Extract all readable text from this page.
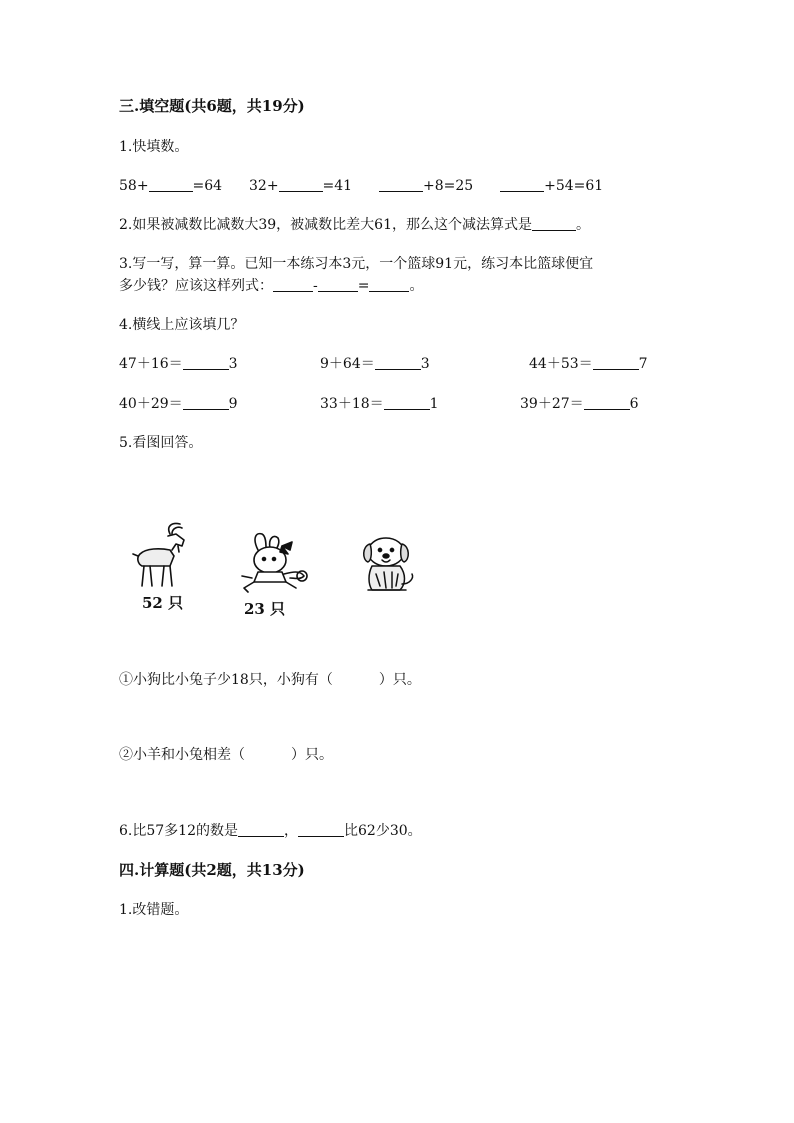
三.填空题(共6题，共19分)
1.快填数。
58+	=64 32+	=41	+8=25	+54=61
2.如果被减数比减数大39，被减数比差大61，那么这个减法算式是	。
3.写一写，算一算。已知一本练习本3元，一个篮球91元，练习本比篮球便宜
多少钱？应该这样列式：	-	=	。
4.横线上应该填几？
47＋16＝	3	9＋64＝	3	44＋53＝	7
40＋29＝	9	33＋18＝	1	39＋27＝	6
5.看图回答。
52 只	23 只
①小狗比小兔子少18只，小狗有（	）只。
②小羊和小兔相差（	）只。
6.比57多12的数是	，	比62少30。
四.计算题(共2题，共13分)
1.改错题。
